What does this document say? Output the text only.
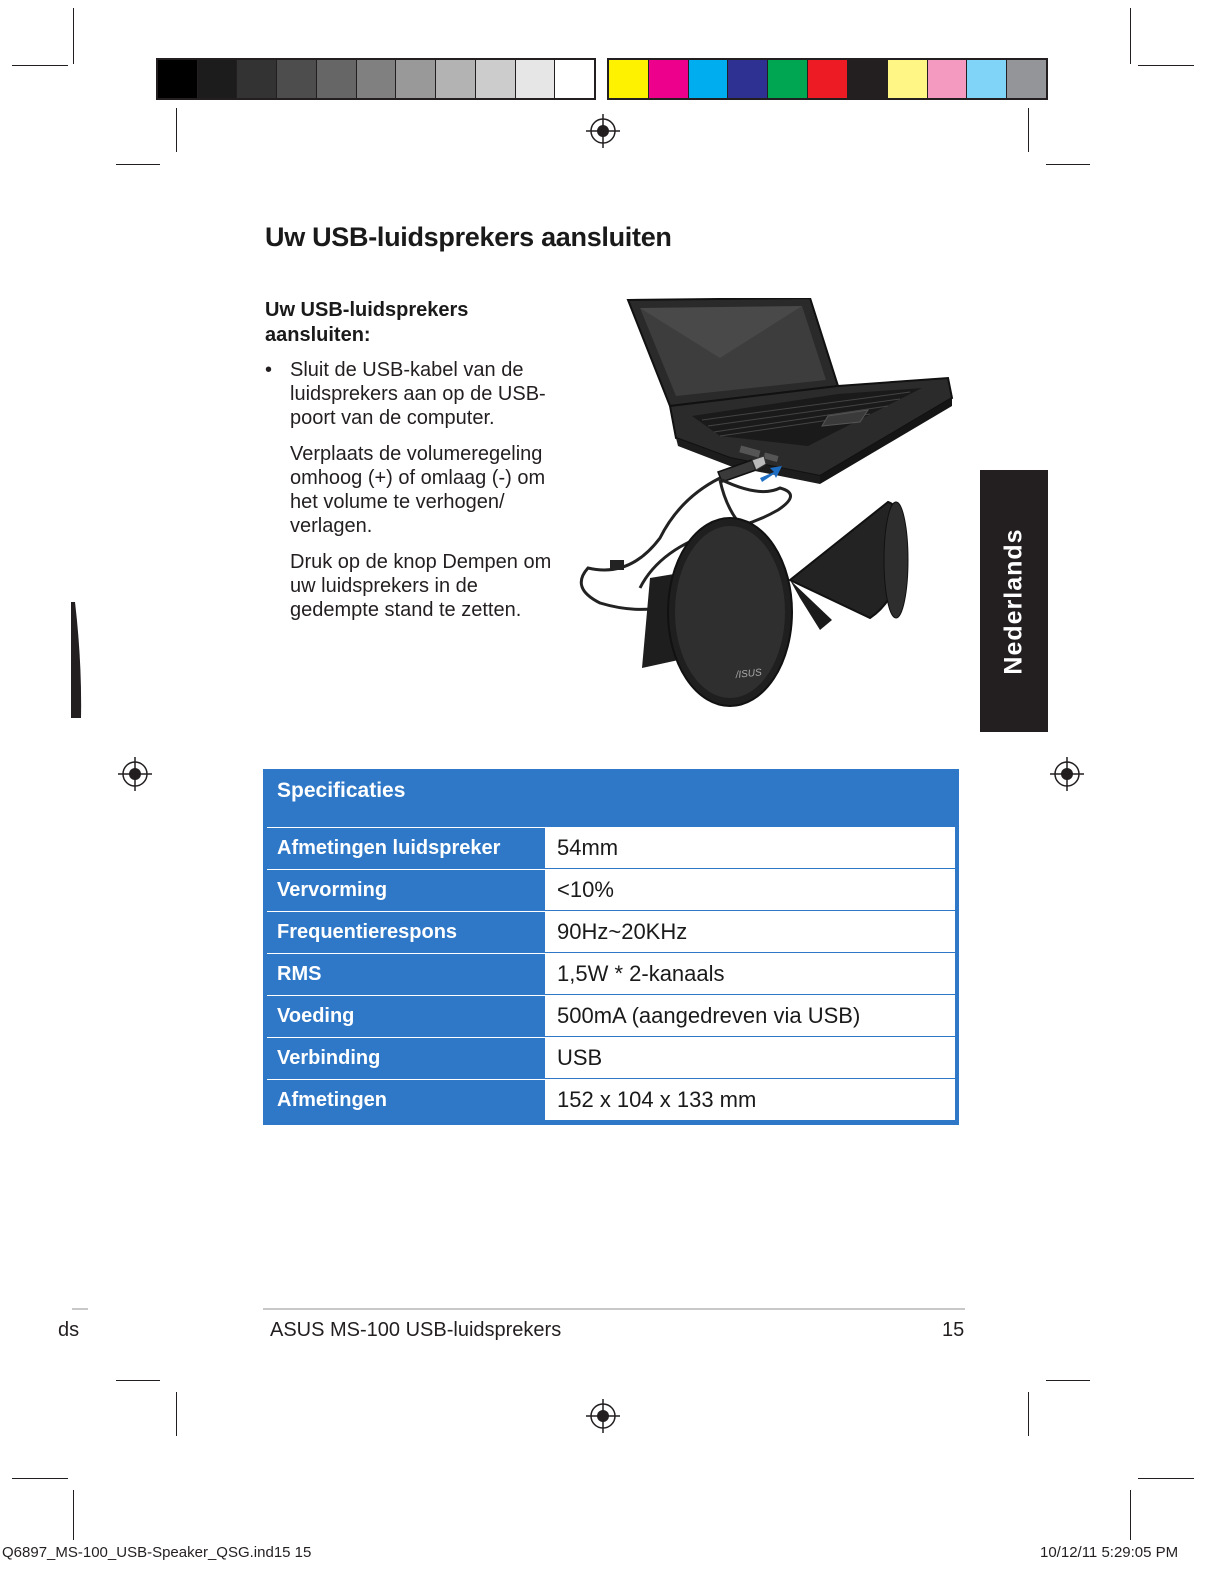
Uw USB-luidsprekers aansluiten
Uw USB-luidsprekers aansluiten:
• Sluit de USB-kabel van de luidsprekers aan op de USB-poort van de computer.

Verplaats de volumeregeling omhoog (+) of omlaag (-) om het volume te verhogen/ verlagen.

Druk op de knop Dempen om uw luidsprekers in de gedempte stand te zetten.

/ISUS
Nederlands
Specificaties
Afmetingen luidspreker	54mm
Vervorming	<10%
Frequentierespons	90Hz~20KHz
RMS	1,5W * 2-kanaals
Voeding	500mA (aangedreven via USB)
Verbinding	USB
Afmetingen	152 x 104 x 133 mm
ds	ASUS MS-100 USB-luidsprekers	15
Q6897_MS-100_USB-Speaker_QSG.ind15 15	10/12/11 5:29:05 PM
